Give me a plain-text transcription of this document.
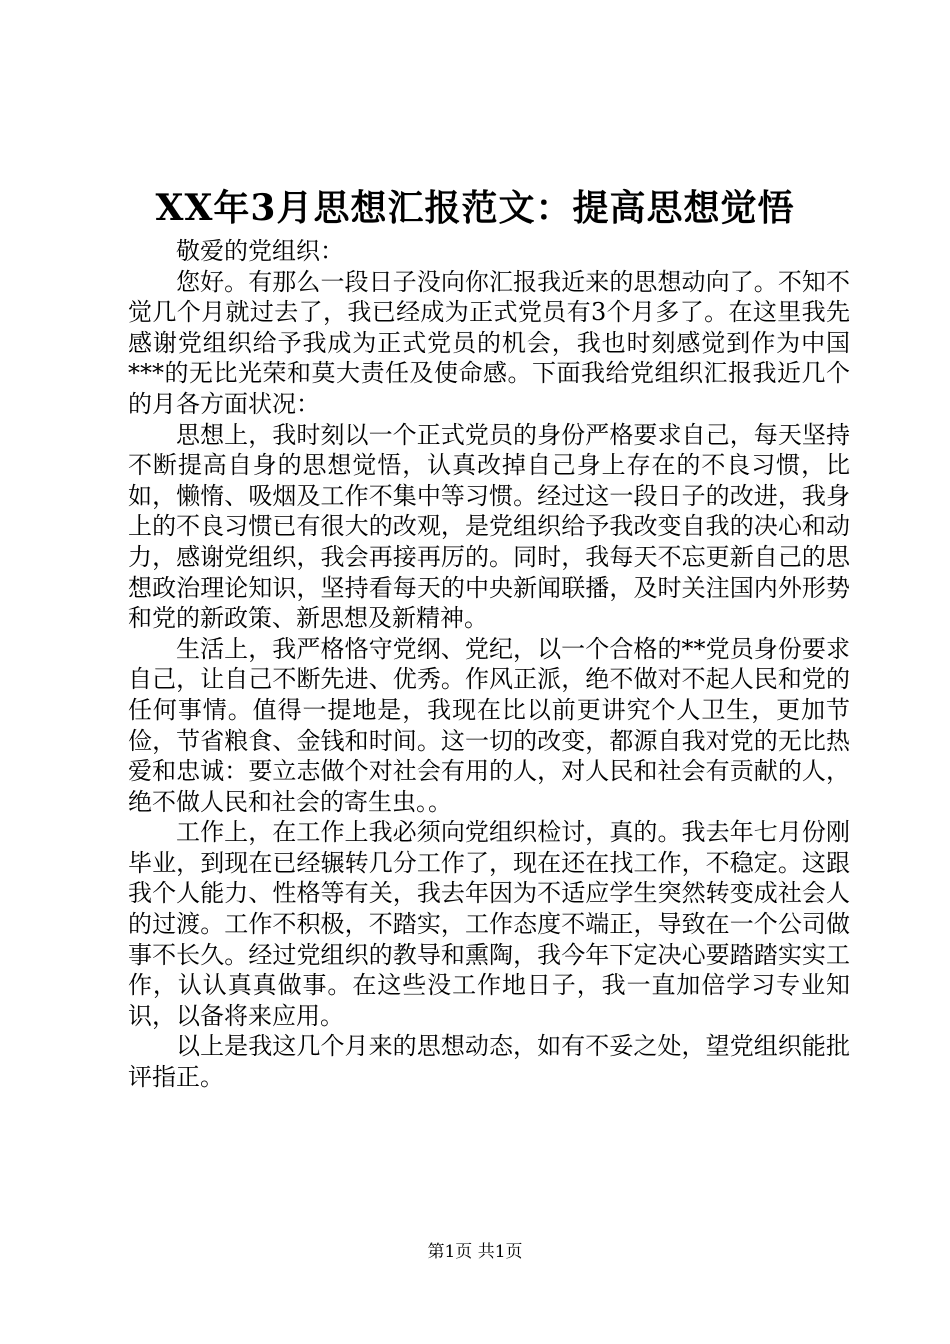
XX年3月思想汇报范文：提高思想觉悟

敬爱的党组织：

您好。有那么一段日子没向你汇报我近来的思想动向了。不知不觉几个月就过去了，我已经成为正式党员有3个月多了。在这里我先感谢党组织给予我成为正式党员的机会，我也时刻感觉到作为中国***的无比光荣和莫大责任及使命感。下面我给党组织汇报我近几个的月各方面状况：

思想上，我时刻以一个正式党员的身份严格要求自己，每天坚持不断提高自身的思想觉悟，认真改掉自己身上存在的不良习惯，比如，懒惰、吸烟及工作不集中等习惯。经过这一段日子的改进，我身上的不良习惯已有很大的改观，是党组织给予我改变自我的决心和动力，感谢党组织，我会再接再厉的。同时，我每天不忘更新自己的思想政治理论知识，坚持看每天的中央新闻联播，及时关注国内外形势和党的新政策、新思想及新精神。

生活上，我严格恪守党纲、党纪，以一个合格的**党员身份要求自己，让自己不断先进、优秀。作风正派，绝不做对不起人民和党的任何事情。值得一提地是，我现在比以前更讲究个人卫生，更加节俭，节省粮食、金钱和时间。这一切的改变，都源自我对党的无比热爱和忠诚：要立志做个对社会有用的人，对人民和社会有贡献的人，绝不做人民和社会的寄生虫。。

工作上，在工作上我必须向党组织检讨，真的。我去年七月份刚毕业，到现在已经辗转几分工作了，现在还在找工作，不稳定。这跟我个人能力、性格等有关，我去年因为不适应学生突然转变成社会人的过渡。工作不积极，不踏实，工作态度不端正，导致在一个公司做事不长久。经过党组织的教导和熏陶，我今年下定决心要踏踏实实工作，认认真真做事。在这些没工作地日子，我一直加倍学习专业知识，以备将来应用。

以上是我这几个月来的思想动态，如有不妥之处，望党组织能批评指正。

第1页 共1页
